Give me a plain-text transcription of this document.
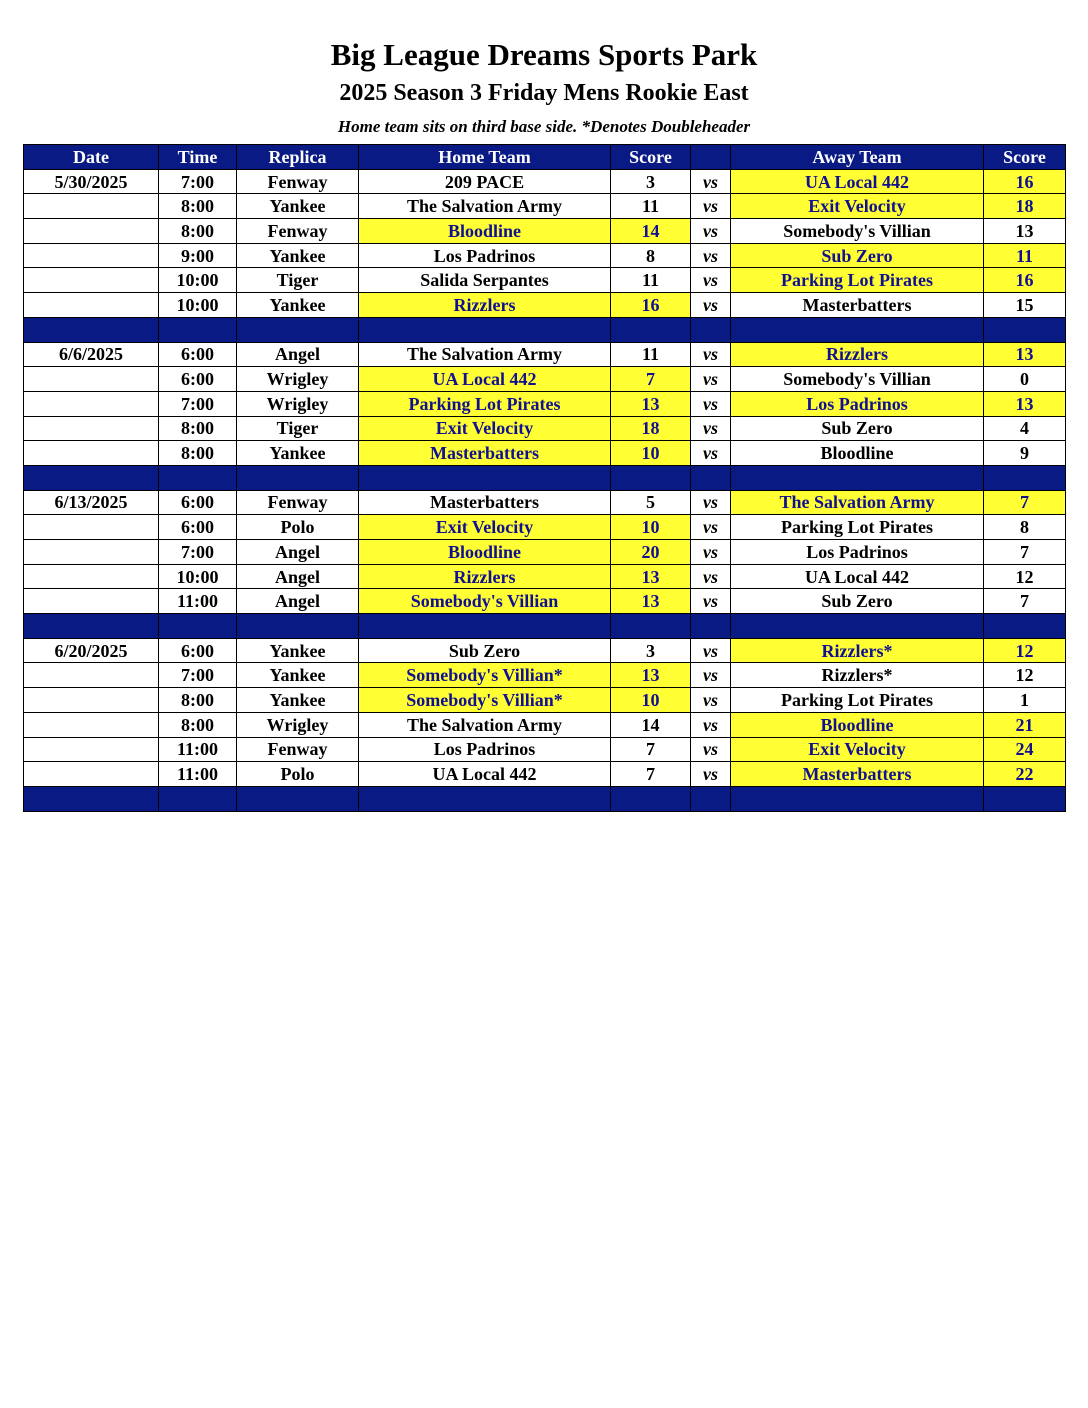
Big League Dreams Sports Park
2025 Season 3 Friday Mens Rookie East
Home team sits on third base side. *Denotes Doubleheader
Date	Time	Replica	Home Team	Score		Away Team	Score
5/30/2025	7:00	Fenway	209 PACE	3	vs	UA Local 442	16
	8:00	Yankee	The Salvation Army	11	vs	Exit Velocity	18
	8:00	Fenway	Bloodline	14	vs	Somebody's Villian	13
	9:00	Yankee	Los Padrinos	8	vs	Sub Zero	11
	10:00	Tiger	Salida Serpantes	11	vs	Parking Lot Pirates	16
	10:00	Yankee	Rizzlers	16	vs	Masterbatters	15

6/6/2025	6:00	Angel	The Salvation Army	11	vs	Rizzlers	13
	6:00	Wrigley	UA Local 442	7	vs	Somebody's Villian	0
	7:00	Wrigley	Parking Lot Pirates	13	vs	Los Padrinos	13
	8:00	Tiger	Exit Velocity	18	vs	Sub Zero	4
	8:00	Yankee	Masterbatters	10	vs	Bloodline	9

6/13/2025	6:00	Fenway	Masterbatters	5	vs	The Salvation Army	7
	6:00	Polo	Exit Velocity	10	vs	Parking Lot Pirates	8
	7:00	Angel	Bloodline	20	vs	Los Padrinos	7
	10:00	Angel	Rizzlers	13	vs	UA Local 442	12
	11:00	Angel	Somebody's Villian	13	vs	Sub Zero	7

6/20/2025	6:00	Yankee	Sub Zero	3	vs	Rizzlers*	12
	7:00	Yankee	Somebody's Villian*	13	vs	Rizzlers*	12
	8:00	Yankee	Somebody's Villian*	10	vs	Parking Lot Pirates	1
	8:00	Wrigley	The Salvation Army	14	vs	Bloodline	21
	11:00	Fenway	Los Padrinos	7	vs	Exit Velocity	24
	11:00	Polo	UA Local 442	7	vs	Masterbatters	22
